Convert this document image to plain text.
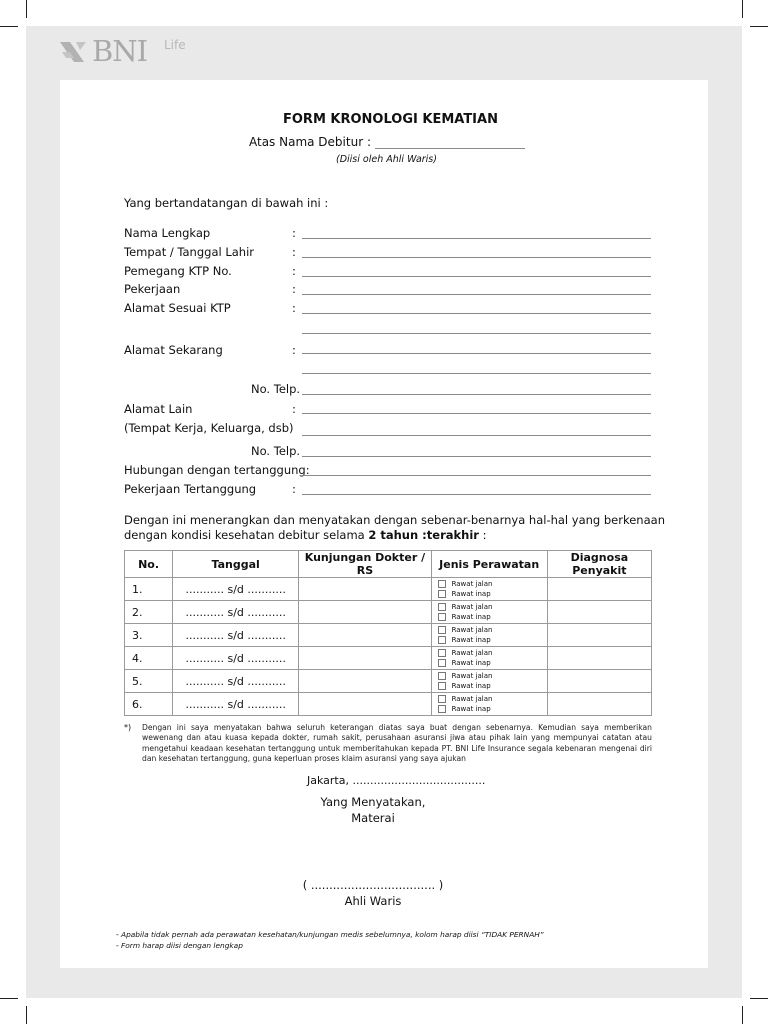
BNI Life
FORM KRONOLOGI KEMATIAN
Atas Nama Debitur :
(Diisi oleh Ahli Waris)
Yang bertandatangan di bawah ini :
Nama Lengkap	:
Tempat / Tanggal Lahir	:
Pemegang KTP No.	:
Pekerjaan	:
Alamat Sesuai KTP	:
Alamat Sekarang	:
No. Telp.
Alamat Lain	:
(Tempat Kerja, Keluarga, dsb)
No. Telp.
Hubungan dengan tertanggung:
Pekerjaan Tertanggung	:
Dengan ini menerangkan dan menyatakan dengan sebenar-benarnya hal-hal yang berkenaan
dengan kondisi kesehatan debitur selama 2 tahun :terakhir :
No.	Tanggal	Kunjungan Dokter / RS	Jenis Perawatan	Diagnosa Penyakit
1.	........... s/d ...........		Rawat jalan
Rawat inap	

2.	........... s/d ...........		Rawat jalan
Rawat inap	

3.	........... s/d ...........		Rawat jalan
Rawat inap	

4.	........... s/d ...........		Rawat jalan
Rawat inap	

5.	........... s/d ...........		Rawat jalan
Rawat inap	

6.	........... s/d ...........		Rawat jalan
Rawat inap	

*) Dengan ini saya menyatakan bahwa seluruh keterangan diatas saya buat dengan sebenarnya. Kemudian saya memberikan wewenang dan atau kuasa kepada dokter, rumah sakit, perusahaan asuransi jiwa atau pihak lain yang mempunyai catatan atau mengetahui keadaan kesehatan tertanggung untuk memberitahukan kepada PT. BNI Life Insurance segala kebenaran mengenai diri dan kesehatan tertanggung, guna keperluan proses klaim asuransi yang saya ajukan
Jakarta, ......................................
Yang Menyatakan,
Materai
( .................................. )
Ahli Waris
- Apabila tidak pernah ada perawatan kesehatan/kunjungan medis sebelumnya, kolom harap diisi “TIDAK PERNAH”
- Form harap diisi dengan lengkap
